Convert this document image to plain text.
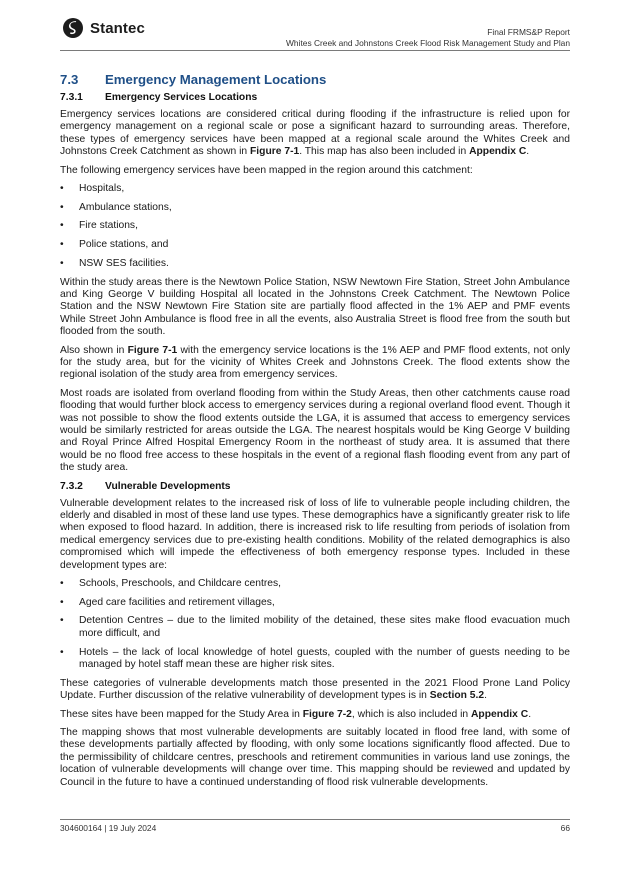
Stantec	Final FRMS&P Report
Whites Creek and Johnstons Creek Flood Risk Management Study and Plan
7.3	Emergency Management Locations
7.3.1	Emergency Services Locations

Emergency services locations are considered critical during flooding if the infrastructure is relied upon for emergency management on a regional scale or pose a significant hazard to surrounding areas. Therefore, these types of emergency services have been mapped at a regional scale around the Whites Creek and Johnstons Creek Catchment as shown in Figure 7-1. This map has also been included in Appendix C.

The following emergency services have been mapped in the region around this catchment:

• Hospitals,
• Ambulance stations,
• Fire stations,
• Police stations, and
• NSW SES facilities.

Within the study areas there is the Newtown Police Station, NSW Newtown Fire Station, Street John Ambulance and King George V building Hospital all located in the Johnstons Creek Catchment. The Newtown Police Station and the NSW Newtown Fire Station site are partially flood affected in the 1% AEP and PMF events While Street John Ambulance is flood free in all the events, also Australia Street is flood free from the south but flooded from the south.

Also shown in Figure 7-1 with the emergency service locations is the 1% AEP and PMF flood extents, not only for the study area, but for the vicinity of Whites Creek and Johnstons Creek. The flood extents show the regional isolation of the study area from emergency services.

Most roads are isolated from overland flooding from within the Study Areas, then other catchments cause road flooding that would further block access to emergency services during a regional overland flood event. Though it was not possible to show the flood extents outside the LGA, it is assumed that access to emergency services would be similarly restricted for areas outside the LGA. The nearest hospitals would be King George V building and Royal Prince Alfred Hospital Emergency Room in the northeast of study area. It is assumed that there would be no flood free access to these hospitals in the event of a regional flash flooding event from any part of the study area.

7.3.2	Vulnerable Developments

Vulnerable development relates to the increased risk of loss of life to vulnerable people including children, the elderly and disabled in most of these land use types. These demographics have a significantly greater risk to life when exposed to flood hazard. In addition, there is increased risk to life resulting from periods of isolation from medical emergency services due to pre-existing health conditions. Mobility of the related demographics is also compromised which will impede the effectiveness of both emergency response types. Included in these development types are:

• Schools, Preschools, and Childcare centres,
• Aged care facilities and retirement villages,
• Detention Centres – due to the limited mobility of the detained, these sites make flood evacuation much more difficult, and
• Hotels – the lack of local knowledge of hotel guests, coupled with the number of guests needing to be managed by hotel staff mean these are higher risk sites.

These categories of vulnerable developments match those presented in the 2021 Flood Prone Land Policy Update. Further discussion of the relative vulnerability of development types is in Section 5.2.

These sites have been mapped for the Study Area in Figure 7-2, which is also included in Appendix C.

The mapping shows that most vulnerable developments are suitably located in flood free land, with some of these developments partially affected by flooding, with only some locations significantly flood affected. Due to the permissibility of childcare centres, preschools and retirement communities in various land use zonings, the location of vulnerable developments will change over time. This mapping should be reviewed and updated by Council in the future to have a continued understanding of flood risk vulnerable developments.

304600164 | 19 July 2024	66
